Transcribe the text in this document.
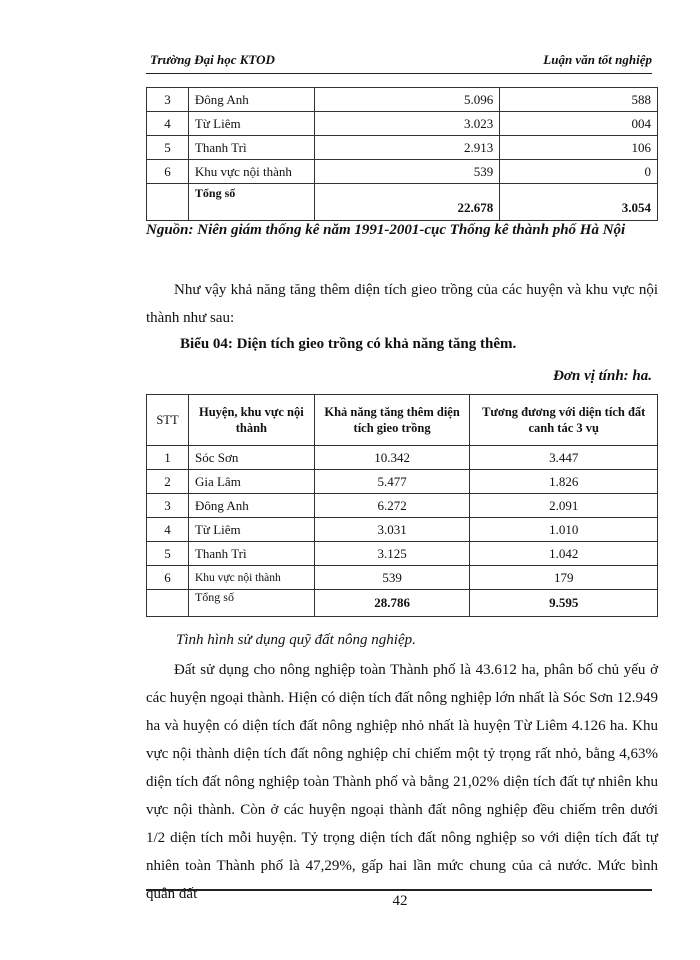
Trường Đại học KTOD	Luận văn tốt nghiệp
3	Đông Anh	5.096	588
4	Từ Liêm	3.023	004
5	Thanh Trì	2.913	106
6	Khu vực nội thành	539	0
	Tổng số	22.678	3.054
Nguồn: Niên giám thống kê năm 1991-2001-cục Thống kê thành phố Hà Nội
Như vậy khả năng tăng thêm diện tích gieo trồng của các huyện và khu vực nội thành như sau:
Biểu 04: Diện tích gieo trồng có khả năng tăng thêm.
Đơn vị tính: ha.
STT	Huyện, khu vực nội thành	Khả năng tăng thêm diện tích gieo trồng	Tương đương với diện tích đất canh tác 3 vụ
1	Sóc Sơn	10.342	3.447
2	Gia Lâm	5.477	1.826
3	Đông Anh	6.272	2.091
4	Từ Liêm	3.031	1.010
5	Thanh Trì	3.125	1.042
6	Khu vực nội thành	539	179
	Tổng số	28.786	9.595
Tình hình sử dụng quỹ đất nông nghiệp.
Đất sử dụng cho nông nghiệp toàn Thành phố là 43.612 ha, phân bố chủ yếu ở các huyện ngoại thành. Hiện có diện tích đất nông nghiệp lớn nhất là Sóc Sơn 12.949 ha và huyện có diện tích đất nông nghiệp nhỏ nhất là huyện Từ Liêm 4.126 ha. Khu vực nội thành diện tích đất nông nghiệp chỉ chiếm một tỷ trọng rất nhỏ, bằng 4,63% diện tích đất nông nghiệp toàn Thành phố và bằng 21,02% diện tích đất tự nhiên khu vực nội thành. Còn ở các huyện ngoại thành đất nông nghiệp đều chiếm trên dưới 1/2 diện tích mỗi huyện. Tỷ trọng diện tích đất nông nghiệp so với diện tích đất tự nhiên toàn Thành phố là 47,29%, gấp hai lần mức chung của cả nước. Mức bình quân đất	42
